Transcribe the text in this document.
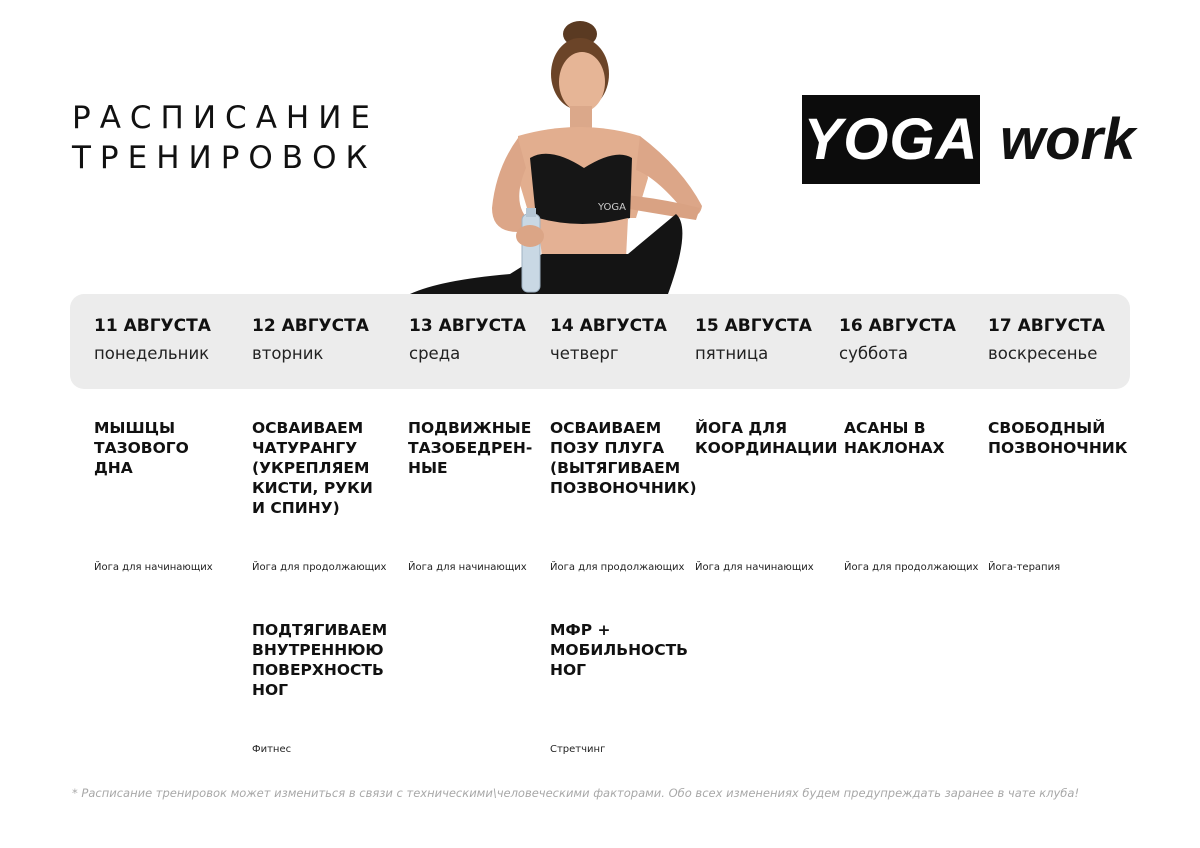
РАСПИСАНИЕ
ТРЕНИРОВОК
YOGA
YOGA work
11 АВГУСТА
понедельник
12 АВГУСТА
вторник
13 АВГУСТА
среда
14 АВГУСТА
четверг
15 АВГУСТА
пятница
16 АВГУСТА
суббота
17 АВГУСТА
воскресенье
МЫШЦЫ ТАЗОВОГО ДНА
Йога для начинающих
ОСВАИВАЕМ ЧАТУРАНГУ (УКРЕПЛЯЕМ КИСТИ, РУКИ И СПИНУ)
Йога для продолжающих
ПОДВИЖНЫЕ ТАЗОБЕДРЕН-НЫЕ
Йога для начинающих
ОСВАИВАЕМ ПОЗУ ПЛУГА (ВЫТЯГИВАЕМ ПОЗВОНОЧНИК)
Йога для продолжающих
ЙОГА ДЛЯ КООРДИНАЦИИ
Йога для начинающих
АСАНЫ В НАКЛОНАХ
Йога для продолжающих
СВОБОДНЫЙ ПОЗВОНОЧНИК
Йога-терапия
ПОДТЯГИВАЕМ ВНУТРЕННЮЮ ПОВЕРХНОСТЬ НОГ
Фитнес
МФР + МОБИЛЬНОСТЬ НОГ
Стретчинг
* Расписание тренировок может измениться в связи с техническими\человеческими факторами. Обо всех изменениях будем предупреждать заранее в чате клуба!
